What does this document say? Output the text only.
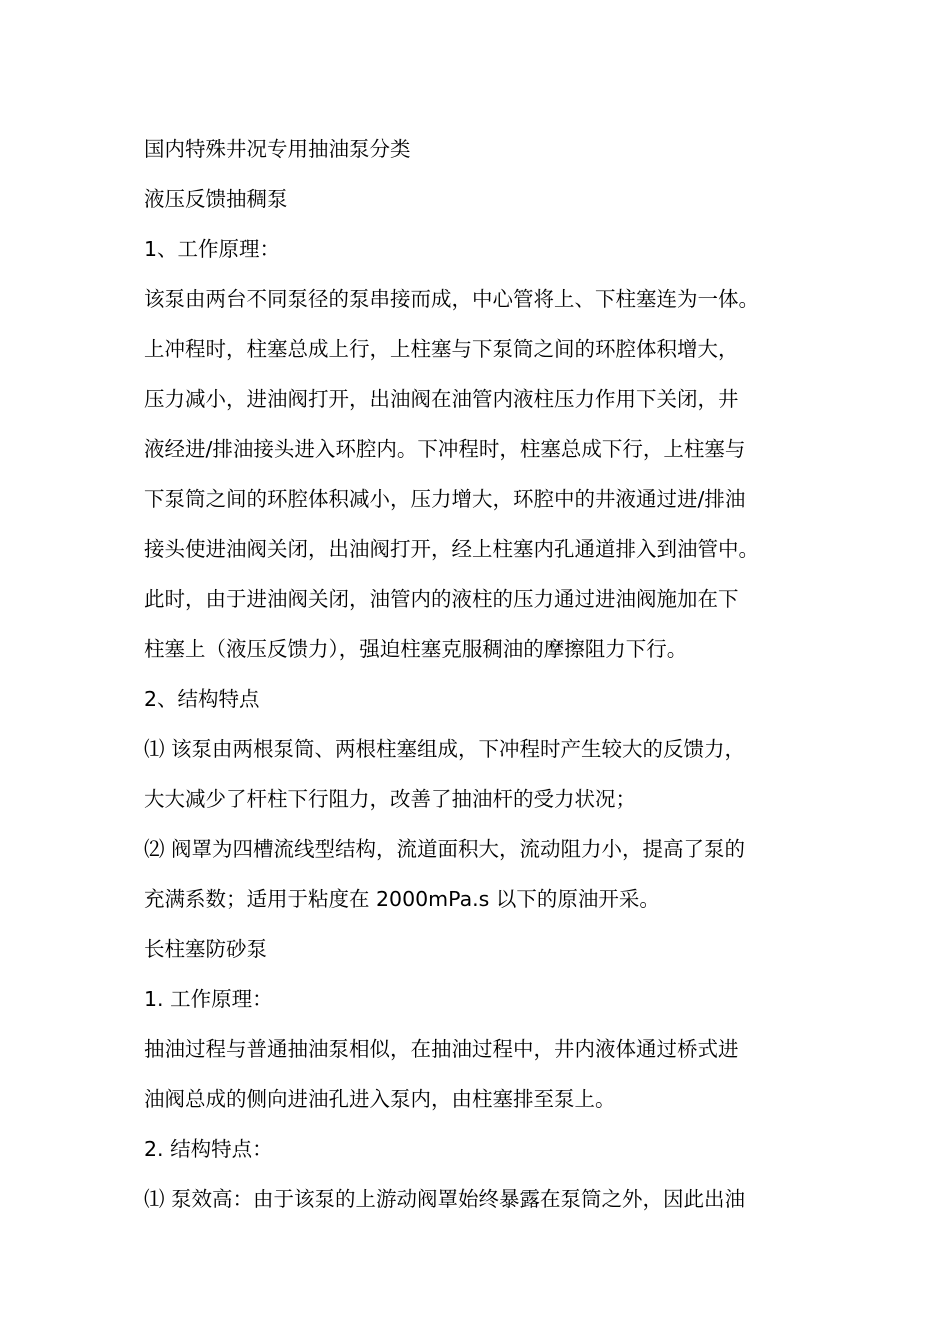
国内特殊井况专用抽油泵分类

液压反馈抽稠泵

1、工作原理：

该泵由两台不同泵径的泵串接而成，中心管将上、下柱塞连为一体。

上冲程时，柱塞总成上行，上柱塞与下泵筒之间的环腔体积增大，

压力减小，进油阀打开，出油阀在油管内液柱压力作用下关闭，井

液经进/排油接头进入环腔内。下冲程时，柱塞总成下行，上柱塞与

下泵筒之间的环腔体积减小，压力增大，环腔中的井液通过进/排油

接头使进油阀关闭，出油阀打开，经上柱塞内孔通道排入到油管中。

此时，由于进油阀关闭，油管内的液柱的压力通过进油阀施加在下

柱塞上（液压反馈力），强迫柱塞克服稠油的摩擦阻力下行。

2、结构特点

⑴ 该泵由两根泵筒、两根柱塞组成，下冲程时产生较大的反馈力，

大大减少了杆柱下行阻力，改善了抽油杆的受力状况；

⑵ 阀罩为四槽流线型结构，流道面积大，流动阻力小，提高了泵的

充满系数；适用于粘度在 2000mPa.s 以下的原油开采。

长柱塞防砂泵

1. 工作原理：

抽油过程与普通抽油泵相似，在抽油过程中，井内液体通过桥式进

油阀总成的侧向进油孔进入泵内，由柱塞排至泵上。

2. 结构特点：

⑴ 泵效高：由于该泵的上游动阀罩始终暴露在泵筒之外，因此出油
